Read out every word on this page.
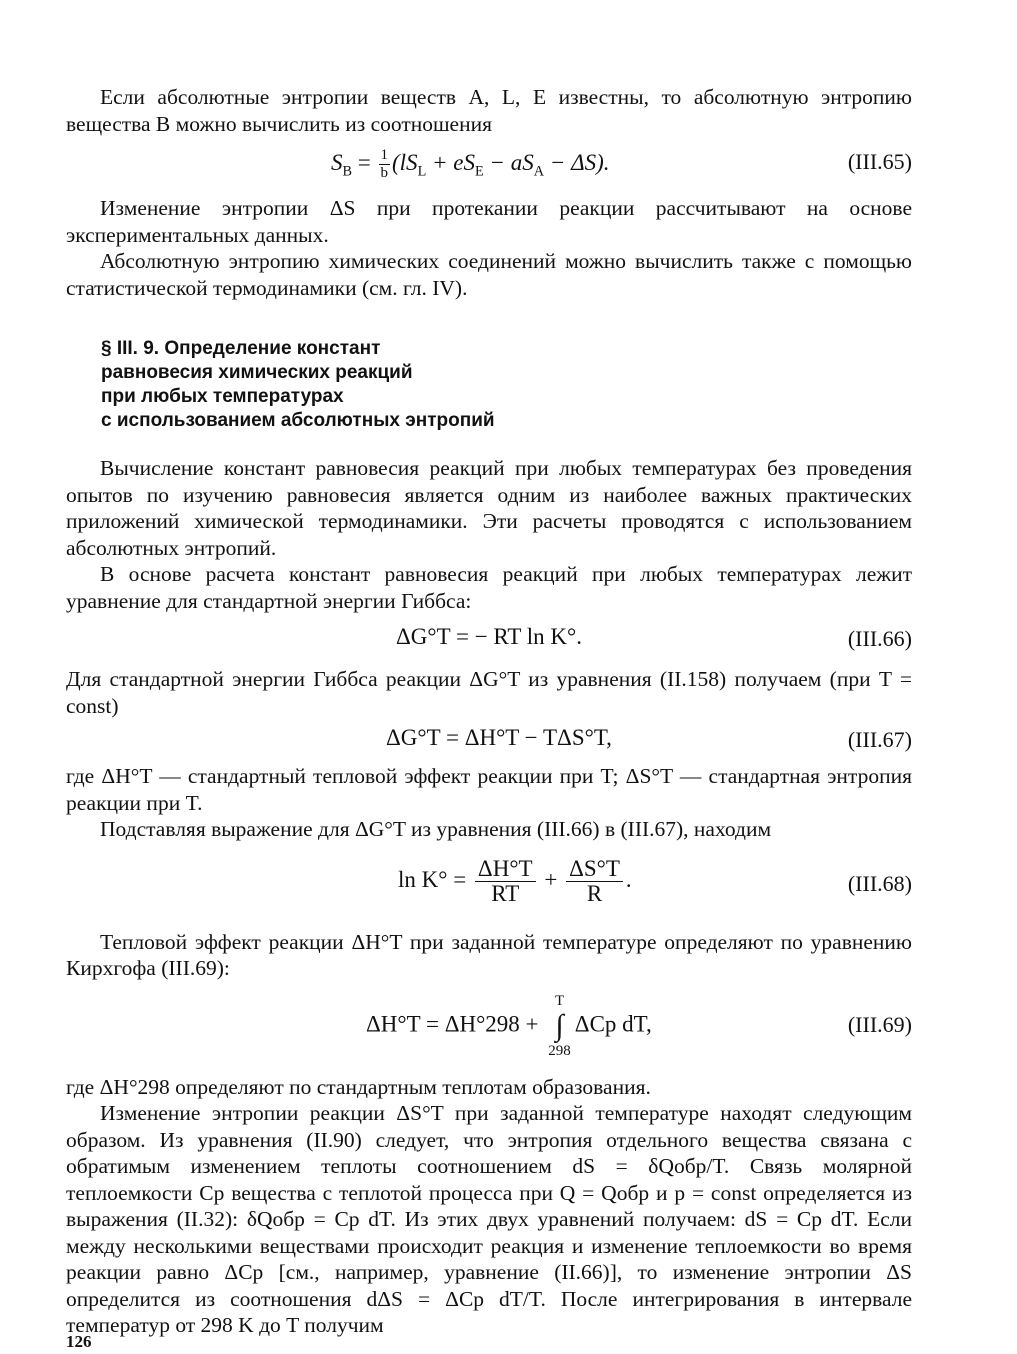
Если абсолютные энтропии веществ A, L, E известны, то абсолютную энтропию вещества B можно вычислить из соотношения

$S_B = \frac{1}{b} (lS_L + eS_E - aS_A - \Delta S)$.	(III.65)

Изменение энтропии ΔS при протекании реакции рассчитывают на основе экспериментальных данных.

Абсолютную энтропию химических соединений можно вычислить также с помощью статистической термодинамики (см. гл. IV).

§ III. 9. Определение констант
равновесия химических реакций
при любых температурах
с использованием абсолютных энтропий

Вычисление констант равновесия реакций при любых температурах без проведения опытов по изучению равновесия является одним из наиболее важных практических приложений химической термодинамики. Эти расчеты проводятся с использованием абсолютных энтропий.

В основе расчета констант равновесия реакций при любых температурах лежит уравнение для стандартной энергии Гиббса:

ΔG°T = − RT ln K°.	(III.66)

Для стандартной энергии Гиббса реакции ΔG°T из уравнения (II.158) получаем (при T = const)

ΔG°T = ΔH°T − TΔS°T,	(III.67)

где ΔH°T — стандартный тепловой эффект реакции при T; ΔS°T — стандартная энтропия реакции при T.

Подставляя выражение для ΔG°T из уравнения (III.66) в (III.67), находим

$\ln K^\circ = \frac{\Delta H^\circ T}{RT} + \frac{\Delta S^\circ T}{R}$ .	(III.68)

Тепловой эффект реакции ΔH°T при заданной температуре определяют по уравнению Кирхгофа (III.69):

ΔH°T = ΔH°298 +
T
∫
298
ΔCp dT,	(III.69)

где ΔH°298 определяют по стандартным теплотам образования.

Изменение энтропии реакции ΔS°T при заданной температуре находят следующим образом. Из уравнения (II.90) следует, что энтропия отдельного вещества связана с обратимым изменением теплоты соотношением dS = δQобр/T. Связь молярной теплоемкости Cp вещества с теплотой процесса при Q = Qобр и p = const определяется из выражения (II.32): δQобр = Cp dT. Из этих двух уравнений получаем: dS = Cp dT. Если между несколькими веществами происходит реакция и изменение теплоемкости во время реакции равно ΔCp [см., например, уравнение (II.66)], то изменение энтропии ΔS определится из соотношения dΔS = ΔCp dT/T. После интегрирования в интервале температур от 298 K до T получим

126
